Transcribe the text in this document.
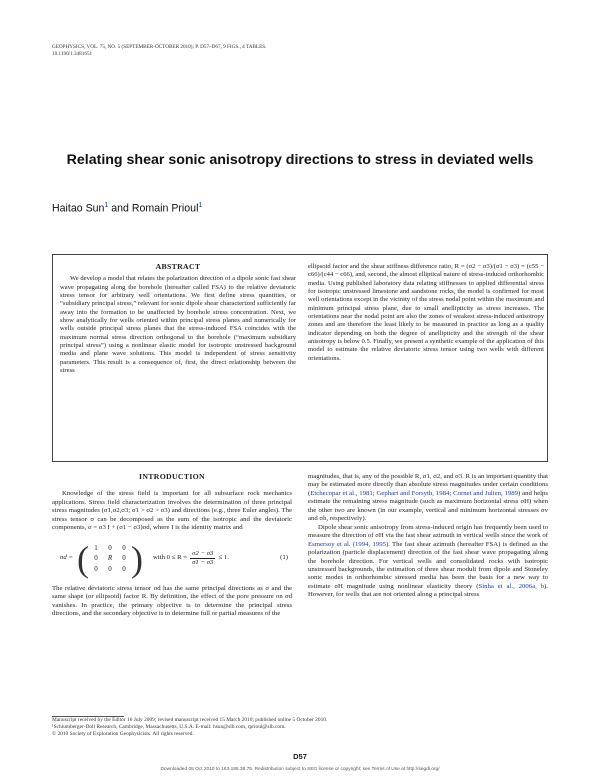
GEOPHYSICS, VOL. 75, NO. 5 (SEPTEMBER-OCTOBER 2010); P. D57–D67, 9 FIGS., 4 TABLES.
10.1190/1.3481651
Relating shear sonic anisotropy directions to stress in deviated wells
Haitao Sun$^1$ and Romain Prioul$^1$
ABSTRACT

We develop a model that relates the polarization direction of a dipole sonic fast shear wave propagating along the borehole (hereafter called FSA) to the relative deviatoric stress tensor for arbitrary well orientations. We first define stress quantities, or “subsidiary principal stress,” relevant for sonic dipole shear characterized sufficiently far away into the formation to be unaffected by borehole stress concentration. Next, we show analytically for wells oriented within principal stress planes and numerically for wells outside principal stress planes that the stress-induced FSA coincides with the maximum normal stress direction orthogonal to the borehole (“maximum subsidiary principal stress”) using a nonlinear elastic model for isotropic unstressed background media and plane wave solutions. This model is independent of stress sensitivity parameters. This result is a consequence of, first, the direct relationship between the stress

ellipsoid factor and the shear stiffness difference ratio, R = (σ2 − σ3)/(σ1 − σ3) = (c55 − c66)/(c44 − c66), and, second, the almost elliptical nature of stress-induced orthorhombic media. Using published laboratory data relating stiffnesses to applied differential stress for isotropic unstressed limestone and sandstone rocks, the model is confirmed for most well orientations except in the vicinity of the stress nodal point within the maximum and minimum principal stress plane, due to small anellipticity as stress increases. The orientations near the nodal point are also the zones of weakest stress-induced anisotropy zones and are therefore the least likely to be measured in practice as long as a quality indicator depending on both the degree of anellipticity and the strength of the shear anisotropy is below 0.5. Finally, we present a synthetic example of the application of this model to estimate the relative deviatoric stress tensor using two wells with different orientations.

INTRODUCTION

Knowledge of the stress field is important for all subsurface rock mechanics applications. Stress field characterization involves the determination of three principal stress magnitudes (σ1,σ2,σ3; σ1 > σ2 > σ3) and directions (e.g., three Euler angles). The stress tensor σ can be decomposed as the sum of the isotropic and the deviatoric components, σ = σ3 I + (σ1 − σ3)σd, where I is the identity matrix and

σd = ( 1	0	0
0	R	0
0	0	0 ) with $0 \le R = \frac{\sigma 2 - \sigma 3}{\sigma 1 - \sigma 3} \le 1$.	(1)

The relative deviatoric stress tensor σd has the same principal directions as σ and the same shape (or ellipsoid) factor R. By definition, the effect of the pore pressure on σd vanishes. In practice, the primary objective is to determine the principal stress directions, and the secondary objective is to determine full or partial measures of the

magnitudes, that is, any of the possible R, σ1, σ2, and σ3. R is an important quantity that may be estimated more directly than absolute stress magnitudes under certain conditions (Etchecopar et al., 1981; Gephart and Forsyth, 1984; Cornet and Julien, 1989) and helps estimate the remaining stress magnitude (such as maximum horizontal stress σH) when the other two are known (in our example, vertical and minimum horizontal stresses σv and σh, respectively).

Dipole shear sonic anisotropy from stress-induced origin has frequently been used to measure the direction of σH via the fast shear azimuth in vertical wells since the work of Esmersoy et al. (1994, 1995). The fast shear azimuth (hereafter FSA) is defined as the polarization (particle displacement) direction of the fast shear wave propagating along the borehole direction. For vertical wells and consolidated rocks with isotropic unstressed backgrounds, the estimation of three shear moduli from dipole and Stoneley sonic modes in orthorhombic stressed media has been the basis for a new way to estimate σH magnitude using nonlinear elasticity theory (Sinha et al., 2006a, b). However, for wells that are not oriented along a principal stress

Manuscript received by the Editor 16 July 2009; revised manuscript received 15 March 2010; published online 5 October 2010.
¹Schlumberger-Doll Research, Cambridge, Massachusetts, U.S.A. E-mail: hsun@slb.com, rprioul@slb.com.
© 2010 Society of Exploration Geophysicists. All rights reserved.
D57
Downloaded 08 Oct 2010 to 163.185.38.75. Redistribution subject to SEG license or copyright; see Terms of Use at http://segdl.org/
